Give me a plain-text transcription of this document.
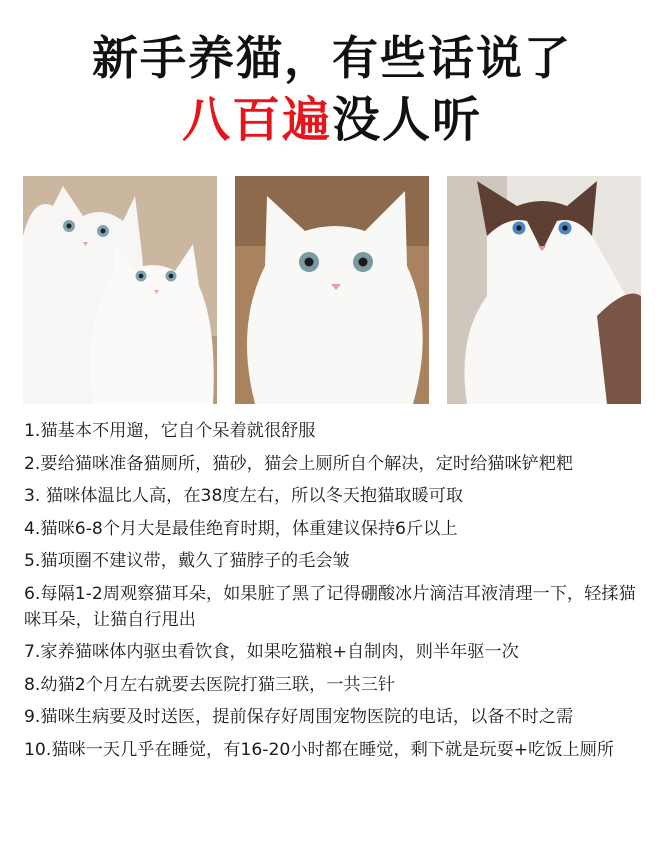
新手养猫，有些话说了
八百遍没人听
1.猫基本不用遛，它自个呆着就很舒服
2.要给猫咪准备猫厕所，猫砂，猫会上厕所自个解决，定时给猫咪铲粑粑
3. 猫咪体温比人高，在38度左右，所以冬天抱猫取暖可取
4.猫咪6-8个月大是最佳绝育时期，体重建议保持6斤以上
5.猫项圈不建议带，戴久了猫脖子的毛会皱
6.每隔1-2周观察猫耳朵，如果脏了黑了记得硼酸冰片滴洁耳液清理一下，轻揉猫咪耳朵，让猫自行甩出
7.家养猫咪体内驱虫看饮食，如果吃猫粮+自制肉，则半年驱一次
8.幼猫2个月左右就要去医院打猫三联，一共三针
9.猫咪生病要及时送医，提前保存好周围宠物医院的电话，以备不时之需
10.猫咪一天几乎在睡觉，有16-20小时都在睡觉，剩下就是玩耍+吃饭上厕所
